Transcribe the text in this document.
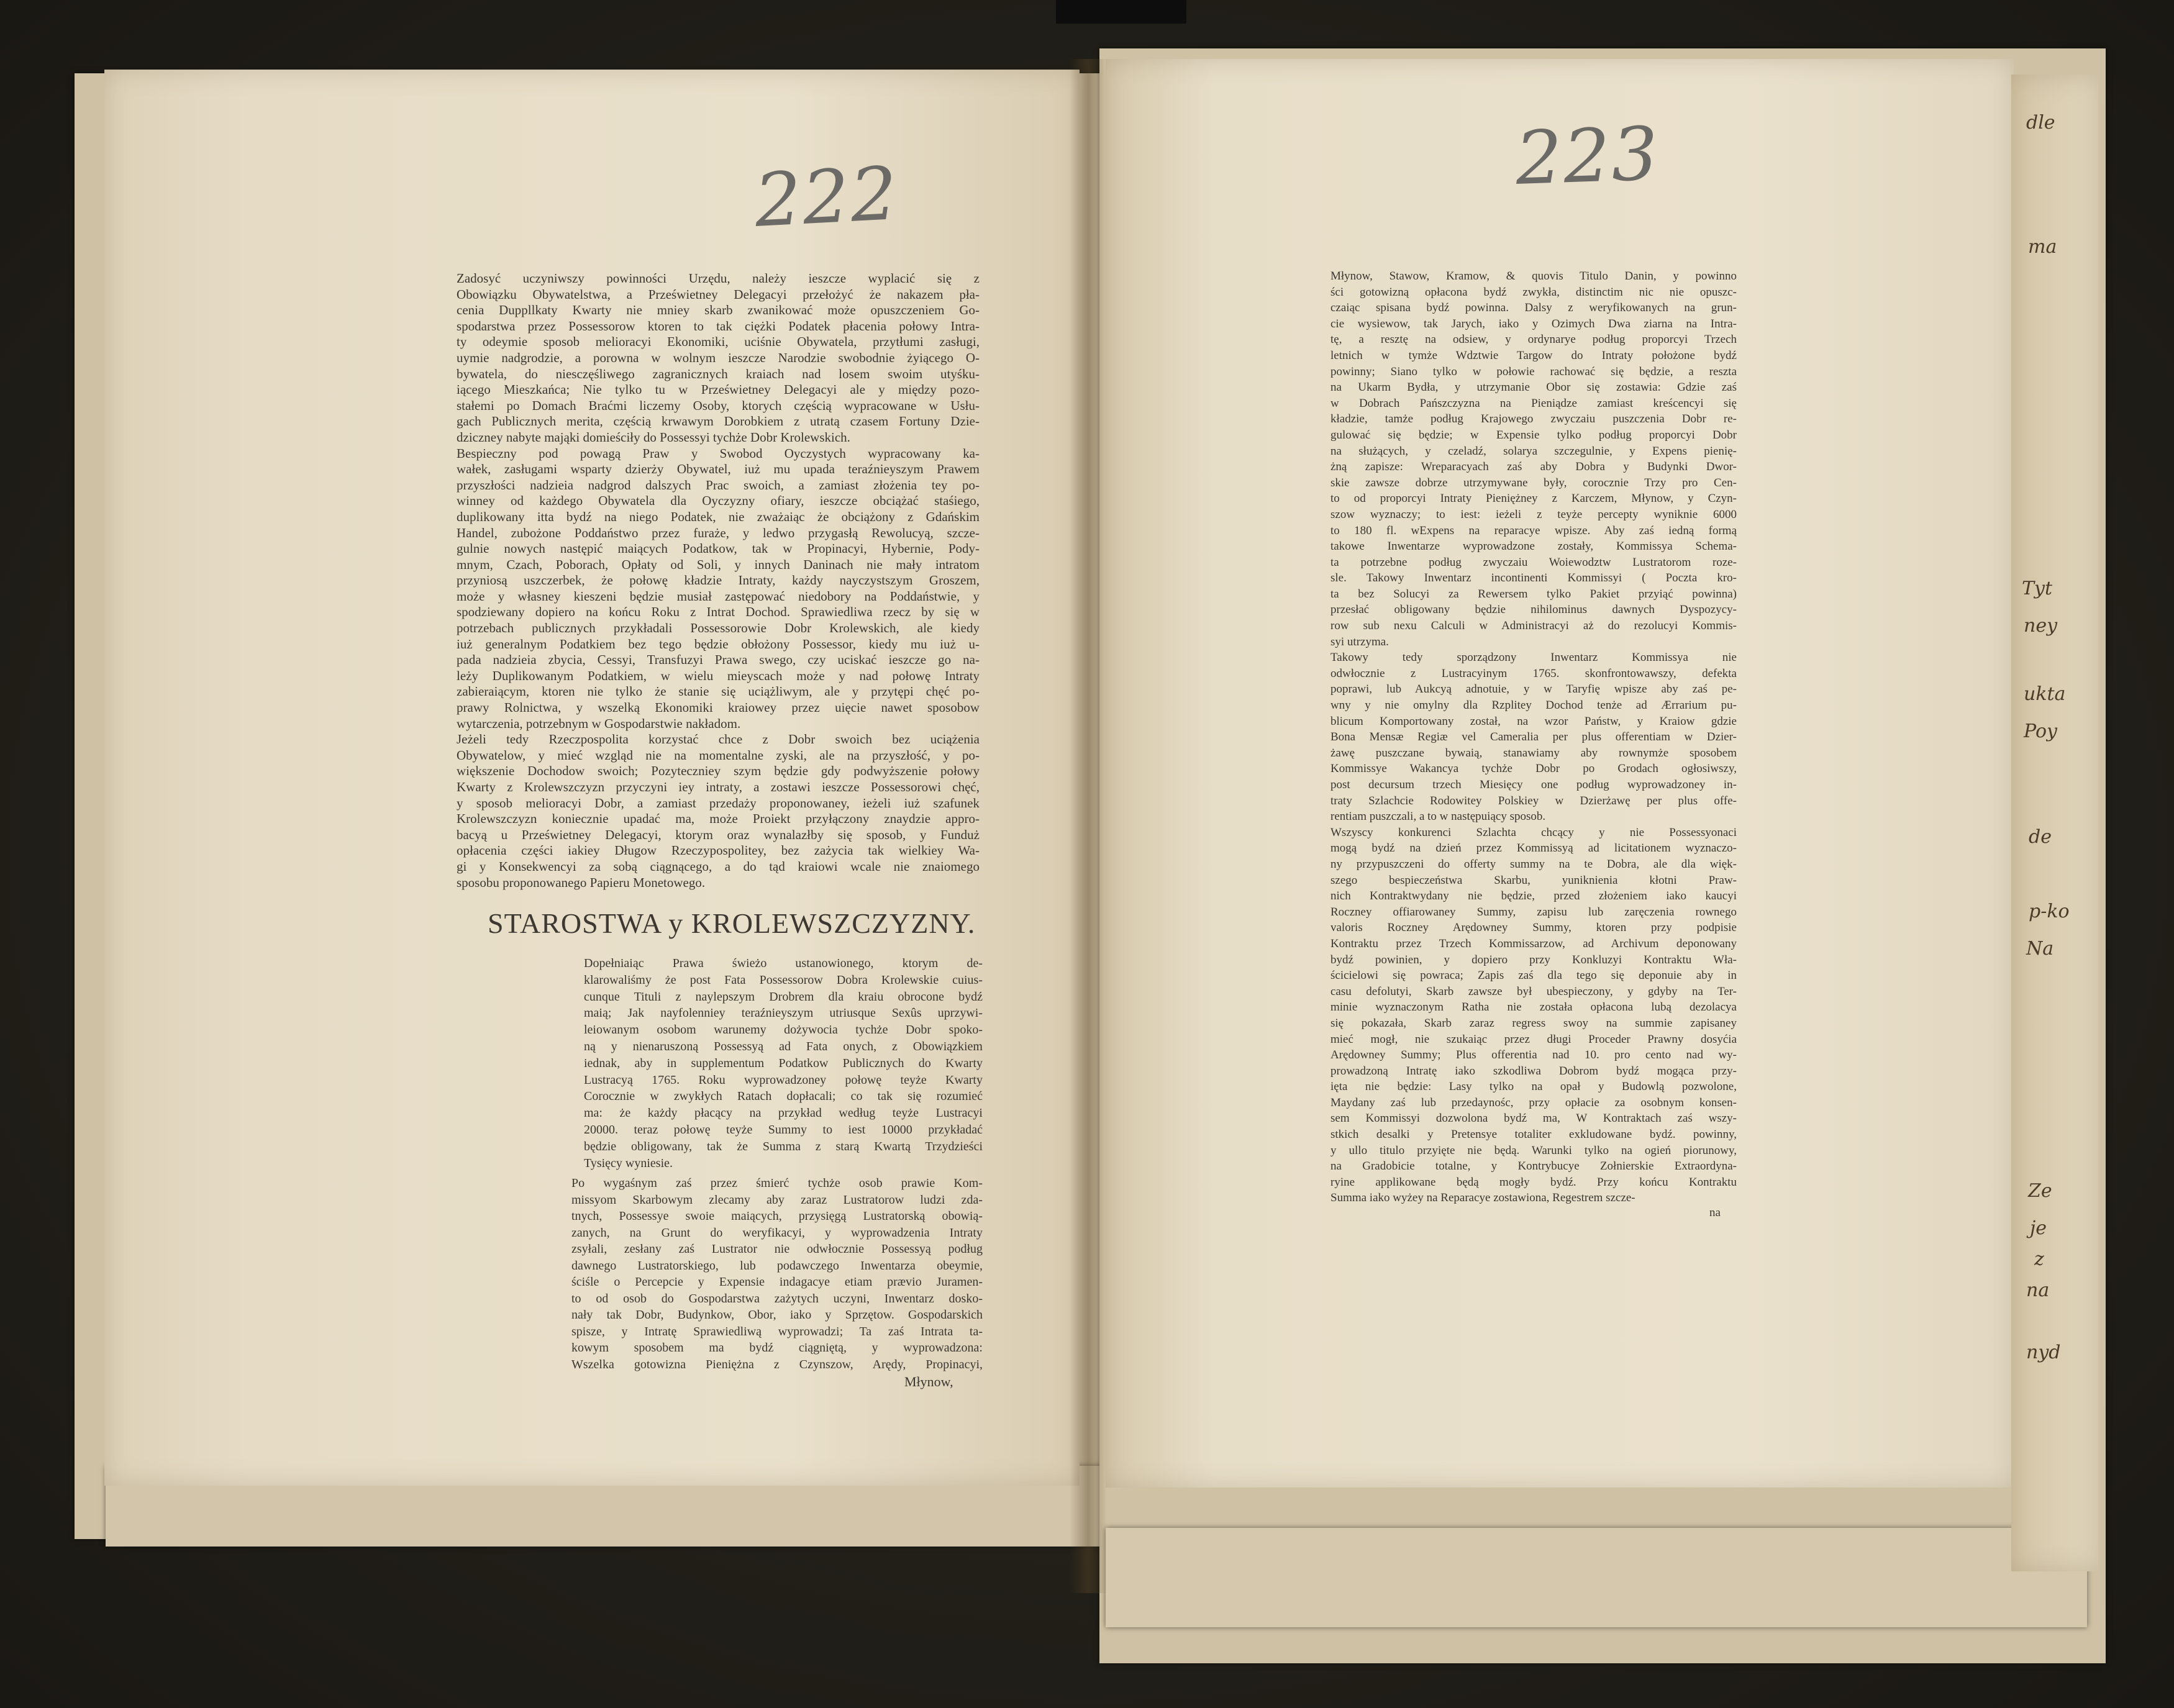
222	223

Zadosyć uczyniwszy powinności Urzędu, należy ieszcze wyplacić się z

Obowiązku Obywatelstwa, a Prześwietney Delegacyi przełożyć że nakazem pła-

cenia Duppllkaty Kwarty nie mniey skarb zwanikować może opuszczeniem Go-

spodarstwa przez Possessorow ktoren to tak ciężki Podatek płacenia połowy Intra-

ty odeymie sposob melioracyi Ekonomiki, uciśnie Obywatela, przytłumi zasługi,

uymie nadgrodzie, a porowna w wolnym ieszcze Narodzie swobodnie żyiącego O-

bywatela, do niesczęśliwego zagranicznych kraiach nad losem swoim utyśku-

iącego Mieszkańca; Nie tylko tu w Prześwietney Delegacyi ale y między pozo-

stałemi po Domach Braćmi liczemy Osoby, ktorych częścią wypracowane w Usłu-

gach Publicznych merita, częścią krwawym Dorobkiem z utratą czasem Fortuny Dzie-

dziczney nabyte mająki domieściły do Possessyi tychże Dobr Krolewskich.

Bespieczny pod powagą Praw y Swobod Oyczystych wypracowany ka-

wałek, zasługami wsparty dzierży Obywatel, iuż mu upada teraźnieyszym Prawem

przyszłości nadzieia nadgrod dalszych Prac swoich, a zamiast złożenia tey po-

winney od każdego Obywatela dla Oyczyzny ofiary, ieszcze obciążać staśiego,

duplikowany itta bydź na niego Podatek, nie zważaiąc że obciążony z Gdańskim

Handel, zubożone Poddaństwo przez furaże, y ledwo przygasłą Rewolucyą, szcze-

gulnie nowych następić maiących Podatkow, tak w Propinacyi, Hybernie, Pody-

mnym, Czach, Poborach, Opłaty od Soli, y innych Daninach nie mały intratom

przyniosą uszczerbek, że połowę kładzie Intraty, każdy nayczystszym Groszem,

może y własney kieszeni będzie musiał zastępować niedobory na Poddaństwie, y

spodziewany dopiero na końcu Roku z Intrat Dochod. Sprawiedliwa rzecz by się w

potrzebach publicznych przykładali Possessorowie Dobr Krolewskich, ale kiedy

iuż generalnym Podatkiem bez tego będzie obłożony Possessor, kiedy mu iuż u-

pada nadzieia zbycia, Cessyi, Transfuzyi Prawa swego, czy uciskać ieszcze go na-

leży Duplikowanym Podatkiem, w wielu mieyscach może y nad połowę Intraty

zabieraiącym, ktoren nie tylko że stanie się uciążliwym, ale y przytępi chęć po-

prawy Rolnictwa, y wszelką Ekonomiki kraiowey przez uięcie nawet sposobow

wytarczenia, potrzebnym w Gospodarstwie nakładom.

Jeżeli tedy Rzeczpospolita korzystać chce z Dobr swoich bez uciążenia

Obywatelow, y mieć wzgląd nie na momentalne zyski, ale na przyszłość, y po-

większenie Dochodow swoich; Pozyteczniey szym będzie gdy podwyższenie połowy

Kwarty z Krolewszczyzn przyczyni iey intraty, a zostawi ieszcze Possessorowi chęć,

y sposob melioracyi Dobr, a zamiast przedaży proponowaney, ieżeli iuż szafunek

Krolewszczyzn koniecznie upadać ma, może Proiekt przyłączony znaydzie appro-

bacyą u Prześwietney Delegacyi, ktorym oraz wynalazłby się sposob, y Funduż

opłacenia części iakiey Długow Rzeczypospolitey, bez zażycia tak wielkiey Wa-

gi y Konsekwencyi za sobą ciągnącego, a do tąd kraiowi wcale nie znaiomego

sposobu proponowanego Papieru Monetowego.

STAROSTWA y KROLEWSZCZYZNY.

Dopełniaiąc Prawa świeżo ustanowionego, ktorym de-

klarowaliśmy że post Fata Possessorow Dobra Krolewskie cuius-

cunque Tituli z naylepszym Drobrem dla kraiu obrocone bydź

maią; Jak nayfolenniey teraźnieyszym utriusque Sexûs uprzywi-

leiowanym osobom warunemy dożywocia tychże Dobr spoko-

ną y nienaruszoną Possessyą ad Fata onych, z Obowiązkiem

iednak, aby in supplementum Podatkow Publicznych do Kwarty

Lustracyą 1765. Roku wyprowadzoney połowę teyże Kwarty

Corocznie w zwykłych Ratach dopłacali; co tak się rozumieć

ma: że każdy płacący na przykład według teyże Lustracyi

20000. teraz połowę teyże Summy to iest 10000 przykładać

będzie obligowany, tak że Summa z starą Kwartą Trzydzieści

Tysięcy wyniesie.

Po wygaśnym zaś przez śmierć tychże osob prawie Kom-

missyom Skarbowym zlecamy aby zaraz Lustratorow ludzi zda-

tnych, Possessye swoie maiących, przysięgą Lustratorską obowią-

zanych, na Grunt do weryfikacyi, y wyprowadzenia Intraty

zsyłali, zesłany zaś Lustrator nie odwłocznie Possessyą podług

dawnego Lustratorskiego, lub podawczego Inwentarza obeymie,

ściśle o Percepcie y Expensie indagacye etiam prævio Juramen-

to od osob do Gospodarstwa zażytych uczyni, Inwentarz dosko-

nały tak Dobr, Budynkow, Obor, iako y Sprzętow. Gospodarskich

spisze, y Intratę Sprawiedliwą wyprowadzi; Ta zaś Intrata ta-

kowym sposobem ma bydź ciągniętą, y wyprowadzona:

Wszelka gotowizna Pieniężna z Czynszow, Arędy, Propinacyi,

Młynow,

Młynow, Stawow, Kramow, & quovis Titulo Danin, y powinno

ści gotowizną opłacona bydź zwykła, distinctim nic nie opuszc-

czaiąc spisana bydź powinna. Dalsy z weryfikowanych na grun-

cie wysiewow, tak Jarych, iako y Ozimych Dwa ziarna na Intra-

tę, a resztę na odsiew, y ordynarye podług proporcyi Trzech

letnich w tymże Wdztwie Targow do Intraty położone bydź

powinny; Siano tylko w połowie rachować się będzie, a reszta

na Ukarm Bydła, y utrzymanie Obor się zostawia: Gdzie zaś

w Dobrach Pańszczyzna na Pieniądze zamiast kreścencyi się

kładzie, tamże podług Krajowego zwyczaiu puszczenia Dobr re-

gulować się będzie; w Expensie tylko podług proporcyi Dobr

na służących, y czeladź, solarya szczegulnie, y Expens pienię-

żną zapisze: Wreparacyach zaś aby Dobra y Budynki Dwor-

skie zawsze dobrze utrzymywane były, corocznie Trzy pro Cen-

to od proporcyi Intraty Pieniężney z Karczem, Młynow, y Czyn-

szow wyznaczy; to iest: ieżeli z teyże percepty wyniknie 6000

to 180 fl. wExpens na reparacye wpisze. Aby zaś iedną formą

takowe Inwentarze wyprowadzone zostały, Kommissya Schema-

ta potrzebne podług zwyczaiu Woiewodztw Lustratorom roze-

sle. Takowy Inwentarz incontinenti Kommissyi ( Poczta kro-

ta bez Solucyi za Rewersem tylko Pakiet przyiąć powinna)

przesłać obligowany będzie nihilominus dawnych Dyspozycy-

row sub nexu Calculi w Administracyi aż do rezolucyi Kommis-

syi utrzyma.

Takowy tedy sporządzony Inwentarz Kommissya nie

odwłocznie z Lustracyinym 1765. skonfrontowawszy, defekta

poprawi, lub Aukcyą adnotuie, y w Taryfię wpisze aby zaś pe-

wny y nie omylny dla Rzplitey Dochod tenże ad Ærrarium pu-

blicum Komportowany został, na wzor Państw, y Kraiow gdzie

Bona Mensæ Regiæ vel Cameralia per plus offerentiam w Dzier-

żawę puszczane bywaią, stanawiamy aby rownymże sposobem

Kommissye Wakancya tychże Dobr po Grodach ogłosiwszy,

post decursum trzech Miesięcy one podług wyprowadzoney in-

traty Szlachcie Rodowitey Polskiey w Dzierżawę per plus offe-

rentiam puszczali, a to w następuiący sposob.

Wszyscy konkurenci Szlachta chcący y nie Possessyonaci

mogą bydź na dzień przez Kommissyą ad licitationem wyznaczo-

ny przypuszczeni do offerty summy na te Dobra, ale dla więk-

szego bespieczeństwa Skarbu, yuniknienia kłotni Praw-

nich Kontraktwydany nie będzie, przed złożeniem iako kaucyi

Roczney offiarowaney Summy, zapisu lub zaręczenia rownego

valoris Roczney Arędowney Summy, ktoren przy podpisie

Kontraktu przez Trzech Kommissarzow, ad Archivum deponowany

bydź powinien, y dopiero przy Konkluzyi Kontraktu Wła-

ścicielowi się powraca; Zapis zaś dla tego się deponuie aby in

casu defolutyi, Skarb zawsze był ubespieczony, y gdyby na Ter-

minie wyznaczonym Ratha nie została opłacona lubą dezolacya

się pokazała, Skarb zaraz regress swoy na summie zapisaney

mieć mogł, nie szukaiąc przez długi Proceder Prawny dosyćia

Arędowney Summy; Plus offerentia nad 10. pro cento nad wy-

prowadzoną Intratę iako szkodliwa Dobrom bydź mogąca przy-

ięta nie będzie: Lasy tylko na opał y Budowlą pozwolone,

Maydany zaś lub przedaynośc, przy opłacie za osobnym konsen-

sem Kommissyi dozwolona bydź ma, W Kontraktach zaś wszy-

stkich desalki y Pretensye totaliter exkludowane bydź. powinny,

y ullo titulo przyięte nie będą. Warunki tylko na ogień piorunowy,

na Gradobicie totalne, y Kontrybucye Zołnierskie Extraordyna-

ryine applikowane będą mogły bydź. Przy końcu Kontraktu

Summa iako wyżey na Reparacye zostawiona, Regestrem szcze-

na
dle
ma
Tyt
ney
ukta
Poy
de
p-ko
Na
Ze
je
z
na
nyd
